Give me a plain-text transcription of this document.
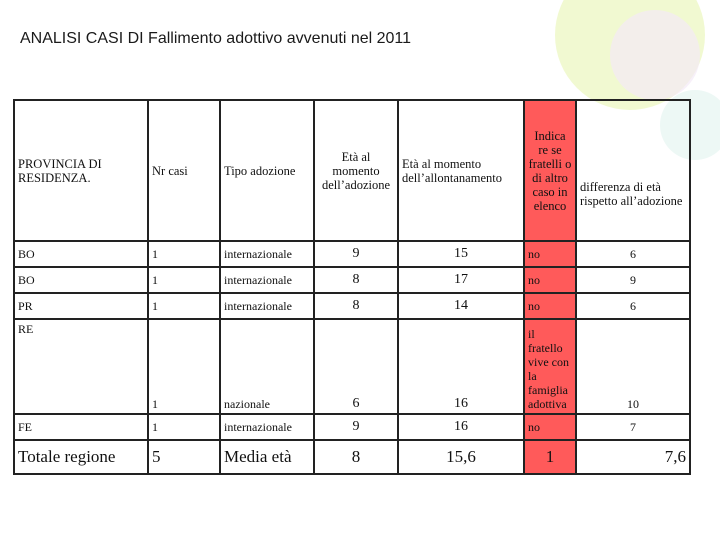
ANALISI CASI DI Fallimento adottivo avvenuti nel 2011
PROVINCIA DI RESIDENZA.	Nr casi	Tipo adozione	Età al momento dell’adozione	Età al momento dell’allontanamento	Indica re se fratelli o di altro caso in elenco	differenza di età rispetto all’adozione
BO	1	internazionale	9	15	no	6
BO	1	internazionale	8	17	no	9
PR	1	internazionale	8	14	no	6
RE	1	nazionale	6	16	il fratello vive con la famiglia adottiva	10
FE	1	internazionale	9	16	no	7
Totale regione	5	Media età	8	15,6	1	7,6
